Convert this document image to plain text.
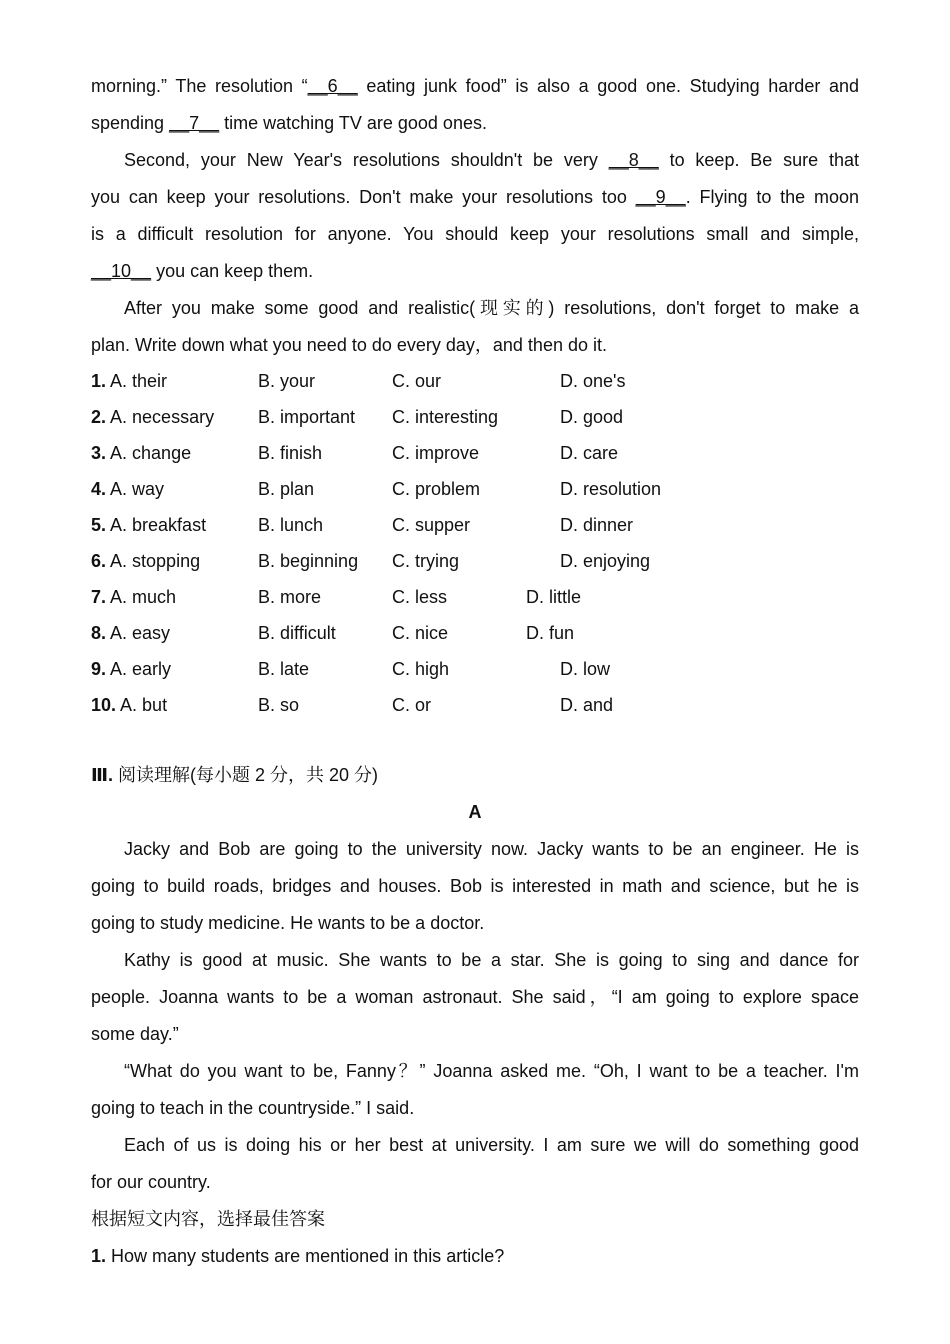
morning.” The resolution “__6__ eating junk food” is also a good one. Studying harder and
spending __7__ time watching TV are good ones.
Second, your New Year's resolutions shouldn't be very __8__ to keep. Be sure that
you can keep your resolutions. Don't make your resolutions too __9__. Flying to the moon
is a difficult resolution for anyone. You should keep your resolutions small and simple,
__10__ you can keep them.
After you make some good and realistic(现实的) resolutions, don't forget to make a
plan. Write down what you need to do every day，and then do it.
1. A. their	B. your	C. our	D. one's
2. A. necessary B. important C. interesting	D. good
3. A. change	B. finish	C. improve	D. care
4. A. way	B. plan	C. problem	D. resolution
5. A. breakfast	B. lunch	C. supper	D. dinner
6. A. stopping	B. beginning C. trying	D. enjoying
7. A. much	B. more	C. less	D. little
8. A. easy	B. difficult	C. nice	D. fun
9. A. early	B. late	C. high	D. low
10. A. but	B. so	C. or	D. and
Ⅲ. 阅读理解(每小题 2 分，共 20 分)
A
Jacky and Bob are going to the university now. Jacky wants to be an engineer. He is
going to build roads, bridges and houses. Bob is interested in math and science, but he is
going to study medicine. He wants to be a doctor.
Kathy is good at music. She wants to be a star. She is going to sing and dance for
people. Joanna wants to be a woman astronaut. She said，“I am going to explore space
some day.”
“What do you want to be, Fanny？” Joanna asked me. “Oh, I want to be a teacher. I'm
going to teach in the countryside.” I said.
Each of us is doing his or her best at university. I am sure we will do something good
for our country.
根据短文内容，选择最佳答案
1. How many students are mentioned in this article?
